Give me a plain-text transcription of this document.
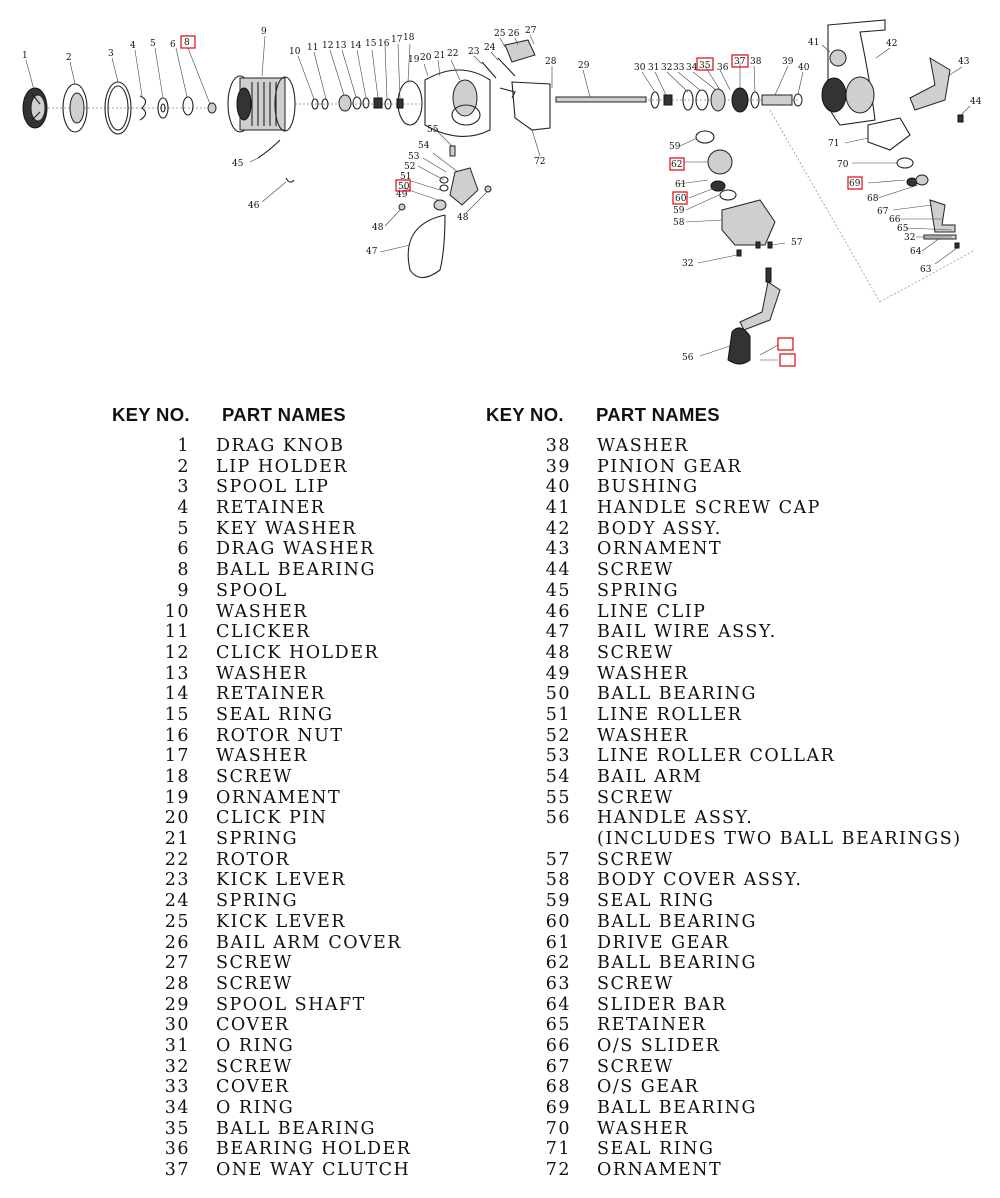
1	2	3
4 5 6 8
9
10 11 12 13 14 15 16 17 18
19 20 21 22 23 24
25 26 27
28 29	30 31 32 33 34 35 36
37 38 39
40
41	42
43
44
45
46
47
48
48
49
50
51
52
53
54
55
56
57
58
59
59
60
61
62
63
64
65
66
67
68
69
70
71
72
32
32
KEY NO. PART NAMES	KEY NO. PART NAMES
1 DRAG KNOB
2 LIP HOLDER
3 SPOOL LIP
4 RETAINER
5 KEY WASHER
6 DRAG WASHER
8 BALL BEARING
9 SPOOL
10 WASHER
11 CLICKER
12 CLICK HOLDER
13 WASHER
14 RETAINER
15 SEAL RING
16 ROTOR NUT
17 WASHER
18 SCREW
19 ORNAMENT
20 CLICK PIN
21 SPRING
22 ROTOR
23 KICK LEVER
24 SPRING
25 KICK LEVER
26 BAIL ARM COVER
27 SCREW
28 SCREW
29 SPOOL SHAFT
30 COVER
31 O RING
32 SCREW
33 COVER
34 O RING
35 BALL BEARING
36 BEARING HOLDER
37 ONE WAY CLUTCH
38 WASHER
39 PINION GEAR
40 BUSHING
41 HANDLE SCREW CAP
42 BODY ASSY.
43 ORNAMENT
44 SCREW
45 SPRING
46 LINE CLIP
47 BAIL WIRE ASSY.
48 SCREW
49 WASHER
50 BALL BEARING
51 LINE ROLLER
52 WASHER
53 LINE ROLLER COLLAR
54 BAIL ARM
55 SCREW
56 HANDLE ASSY.
(INCLUDES TWO BALL BEARINGS)
57 SCREW
58 BODY COVER ASSY.
59 SEAL RING
60 BALL BEARING
61 DRIVE GEAR
62 BALL BEARING
63 SCREW
64 SLIDER BAR
65 RETAINER
66 O/S SLIDER
67 SCREW
68 O/S GEAR
69 BALL BEARING
70 WASHER
71 SEAL RING
72 ORNAMENT
